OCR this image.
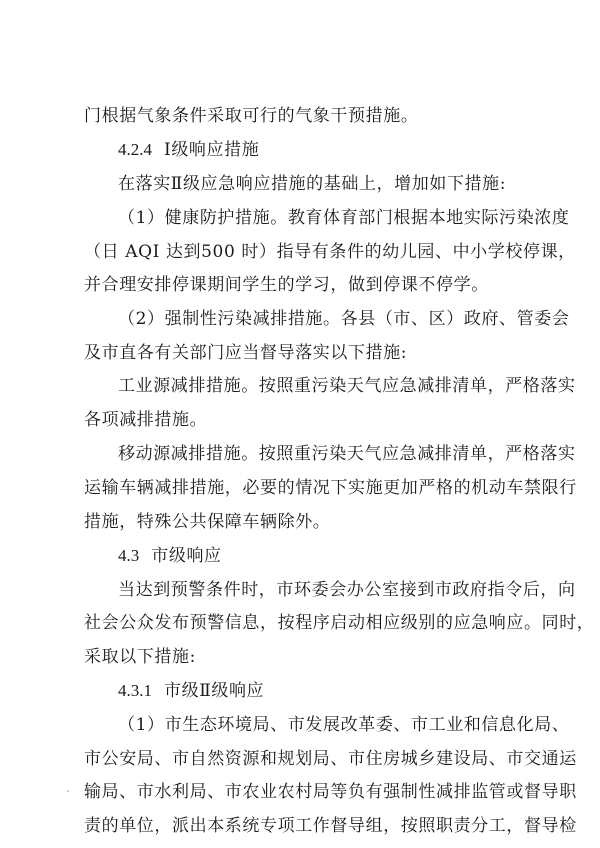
门根据气象条件采取可行的气象干预措施。
4.2.4 Ⅰ级响应措施
在落实Ⅱ级应急响应措施的基础上，增加如下措施:
（1）健康防护措施。教育体育部门根据本地实际污染浓度
（日 AQI 达到500 时）指导有条件的幼儿园、中小学校停课，
并合理安排停课期间学生的学习，做到停课不停学。
（2）强制性污染减排措施。各县（市、区）政府、管委会
及市直各有关部门应当督导落实以下措施:
工业源减排措施。按照重污染天气应急减排清单，严格落实
各项减排措施。
移动源减排措施。按照重污染天气应急减排清单，严格落实
运输车辆减排措施，必要的情况下实施更加严格的机动车禁限行
措施，特殊公共保障车辆除外。
4.3 市级响应
当达到预警条件时，市环委会办公室接到市政府指令后，向
社会公众发布预警信息，按程序启动相应级别的应急响应。同时，
采取以下措施:
4.3.1 市级Ⅱ级响应
（1）市生态环境局、市发展改革委、市工业和信息化局、
市公安局、市自然资源和规划局、市住房城乡建设局、市交通运
输局、市水利局、市农业农村局等负有强制性减排监管或督导职
责的单位，派出本系统专项工作督导组，按照职责分工，督导检
